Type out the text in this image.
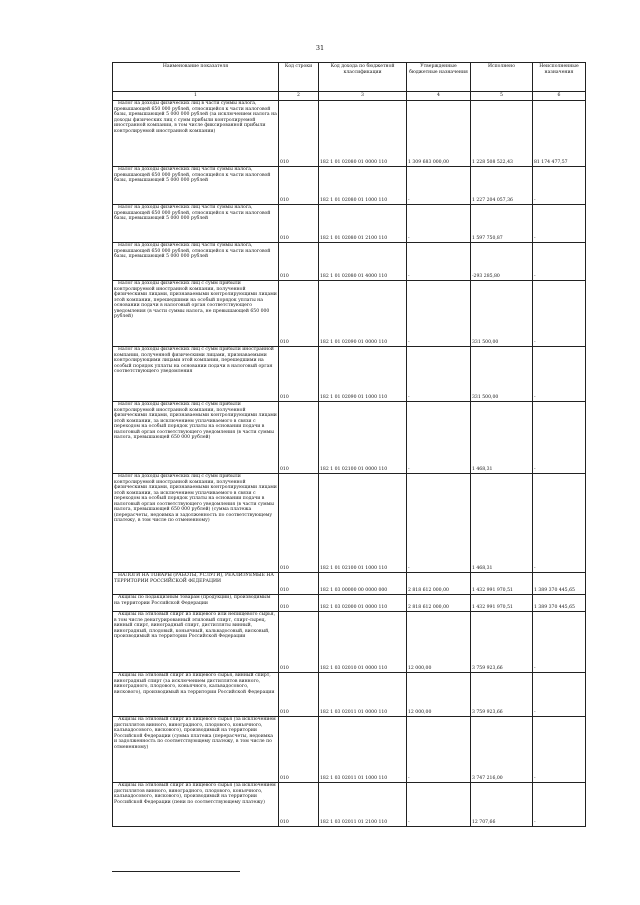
31
Наименование показателя	Код строки	Код дохода по бюджетной классификации	Утвержденные бюджетные назначения	Исполнено	Неисполненные назначения
1	2	3	4	5	6

Налог на доходы физических лиц в части суммы налога, превышающей 650 000 рублей, относящейся к части налоговой базы, превышающей 5 000 000 рублей (за исключением налога на доходы физических лиц с сумм прибыли контролируемой иностранной компании, в том числе фиксированной прибыли контролируемой иностранной компании)	010	182 1 01 02080 01 0000 110	1 309 683 000,00	1 228 508 522,43	81 174 477,57

Налог на доходы физических лиц части суммы налога, превышающей 650 000 рублей, относящейся к части налоговой базы, превышающей 5 000 000 рублей	010	182 1 01 02080 01 1000 110	-	1 227 204 057,36	-

Налог на доходы физических лиц части суммы налога, превышающей 650 000 рублей, относящейся к части налоговой базы, превышающей 5 000 000 рублей	010	182 1 01 02080 01 2100 110	-	1 597 750,87	-

Налог на доходы физических лиц части суммы налога, превышающей 650 000 рублей, относящейся к части налоговой базы, превышающей 5 000 000 рублей	010	182 1 01 02080 01 4000 110	-	-293 285,80	-

Налог на доходы физических лиц с сумм прибыли контролируемой иностранной компании, полученной физическими лицами, признаваемыми контролирующими лицами этой компании, перешедшими на особый порядок уплаты на основании подачи в налоговый орган соответствующего уведомления (в части суммы налога, не превышающей 650 000 рублей)	010	182 1 01 02090 01 0000 110	-	331 500,00	-

Налог на доходы физических лиц с сумм прибыли иностранной компании, полученной физическими лицами, признаваемыми контролирующими лицами этой компании, перешедшими на особый порядок уплаты на основании подачи в налоговый орган соответствующего уведомления	010	182 1 01 02090 01 1000 110	-	331 500,00	-

Налог на доходы физических лиц с сумм прибыли контролируемой иностранной компании, полученной физическими лицами, признаваемыми контролирующими лицами этой компании, за исключением уплачиваемого в связи с переходом на особый порядок уплаты на основании подачи в налоговый орган соответствующего уведомления (в части суммы налога, превышающей 650 000 рублей)	010	182 1 01 02100 01 0000 110	-	1 468,31	-

Налог на доходы физических лиц с сумм прибыли контролируемой иностранной компании, полученной физическими лицами, признаваемыми контролирующими лицами этой компании, за исключением уплачиваемого в связи с переходом на особый порядок уплаты на основании подачи в налоговый орган соответствующего уведомления (в части суммы налога, превышающей 650 000 рублей) (сумма платежа (перерасчеты, недоимка и задолженность по соответствующему платежу, в том числе по отмененному)	010	182 1 01 02100 01 1000 110	-	1 468,31	-

НАЛОГИ НА ТОВАРЫ (РАБОТЫ, УСЛУГИ), РЕАЛИЗУЕМЫЕ НА ТЕРРИТОРИИ РОССИЙСКОЙ ФЕДЕРАЦИИ	010	182 1 03 00000 00 0000 000	2 818 612 000,00	1 432 991 970,51	1 389 370 445,65

Акцизы по подакцизным товарам (продукции), производимым на территории Российской Федерации	010	182 1 03 02000 01 0000 110	2 818 612 000,00	1 432 991 970,51	1 389 370 445,65

Акцизы на этиловый спирт из пищевого или непищевого сырья, в том числе денатурированный этиловый спирт, спирт-сырец, винный спирт, виноградный спирт, дистилляты винный, виноградный, плодовый, коньячный, кальвадосовый, висковый, производимый на территории Российской Федерации	010	182 1 03 02010 01 0000 110	12 000,00	3 759 923,66	-

Акцизы на этиловый спирт из пищевого сырья, винный спирт, виноградный спирт (за исключением дистиллятов винного, виноградного, плодового, коньячного, кальвадосового, вискового), производимый на территории Российской Федерации	010	182 1 03 02011 01 0000 110	12 000,00	3 759 923,66	-

Акцизы на этиловый спирт из пищевого сырья (за исключением дистиллятов винного, виноградного, плодового, коньячного, кальвадосового, вискового), производимый на территории Российской Федерации (сумма платежа (перерасчеты, недоимка и задолженность по соответствующему платежу, в том числе по отмененному)	010	182 1 03 02011 01 1000 110	-	3 747 216,00	-

Акцизы на этиловый спирт из пищевого сырья (за исключением дистиллятов винного, виноградного, плодового, коньячного, кальвадосового, вискового), производимый на территории Российской Федерации (пени по соответствующему платежу)	010	182 1 03 02011 01 2100 110	-	12 707,66	-
